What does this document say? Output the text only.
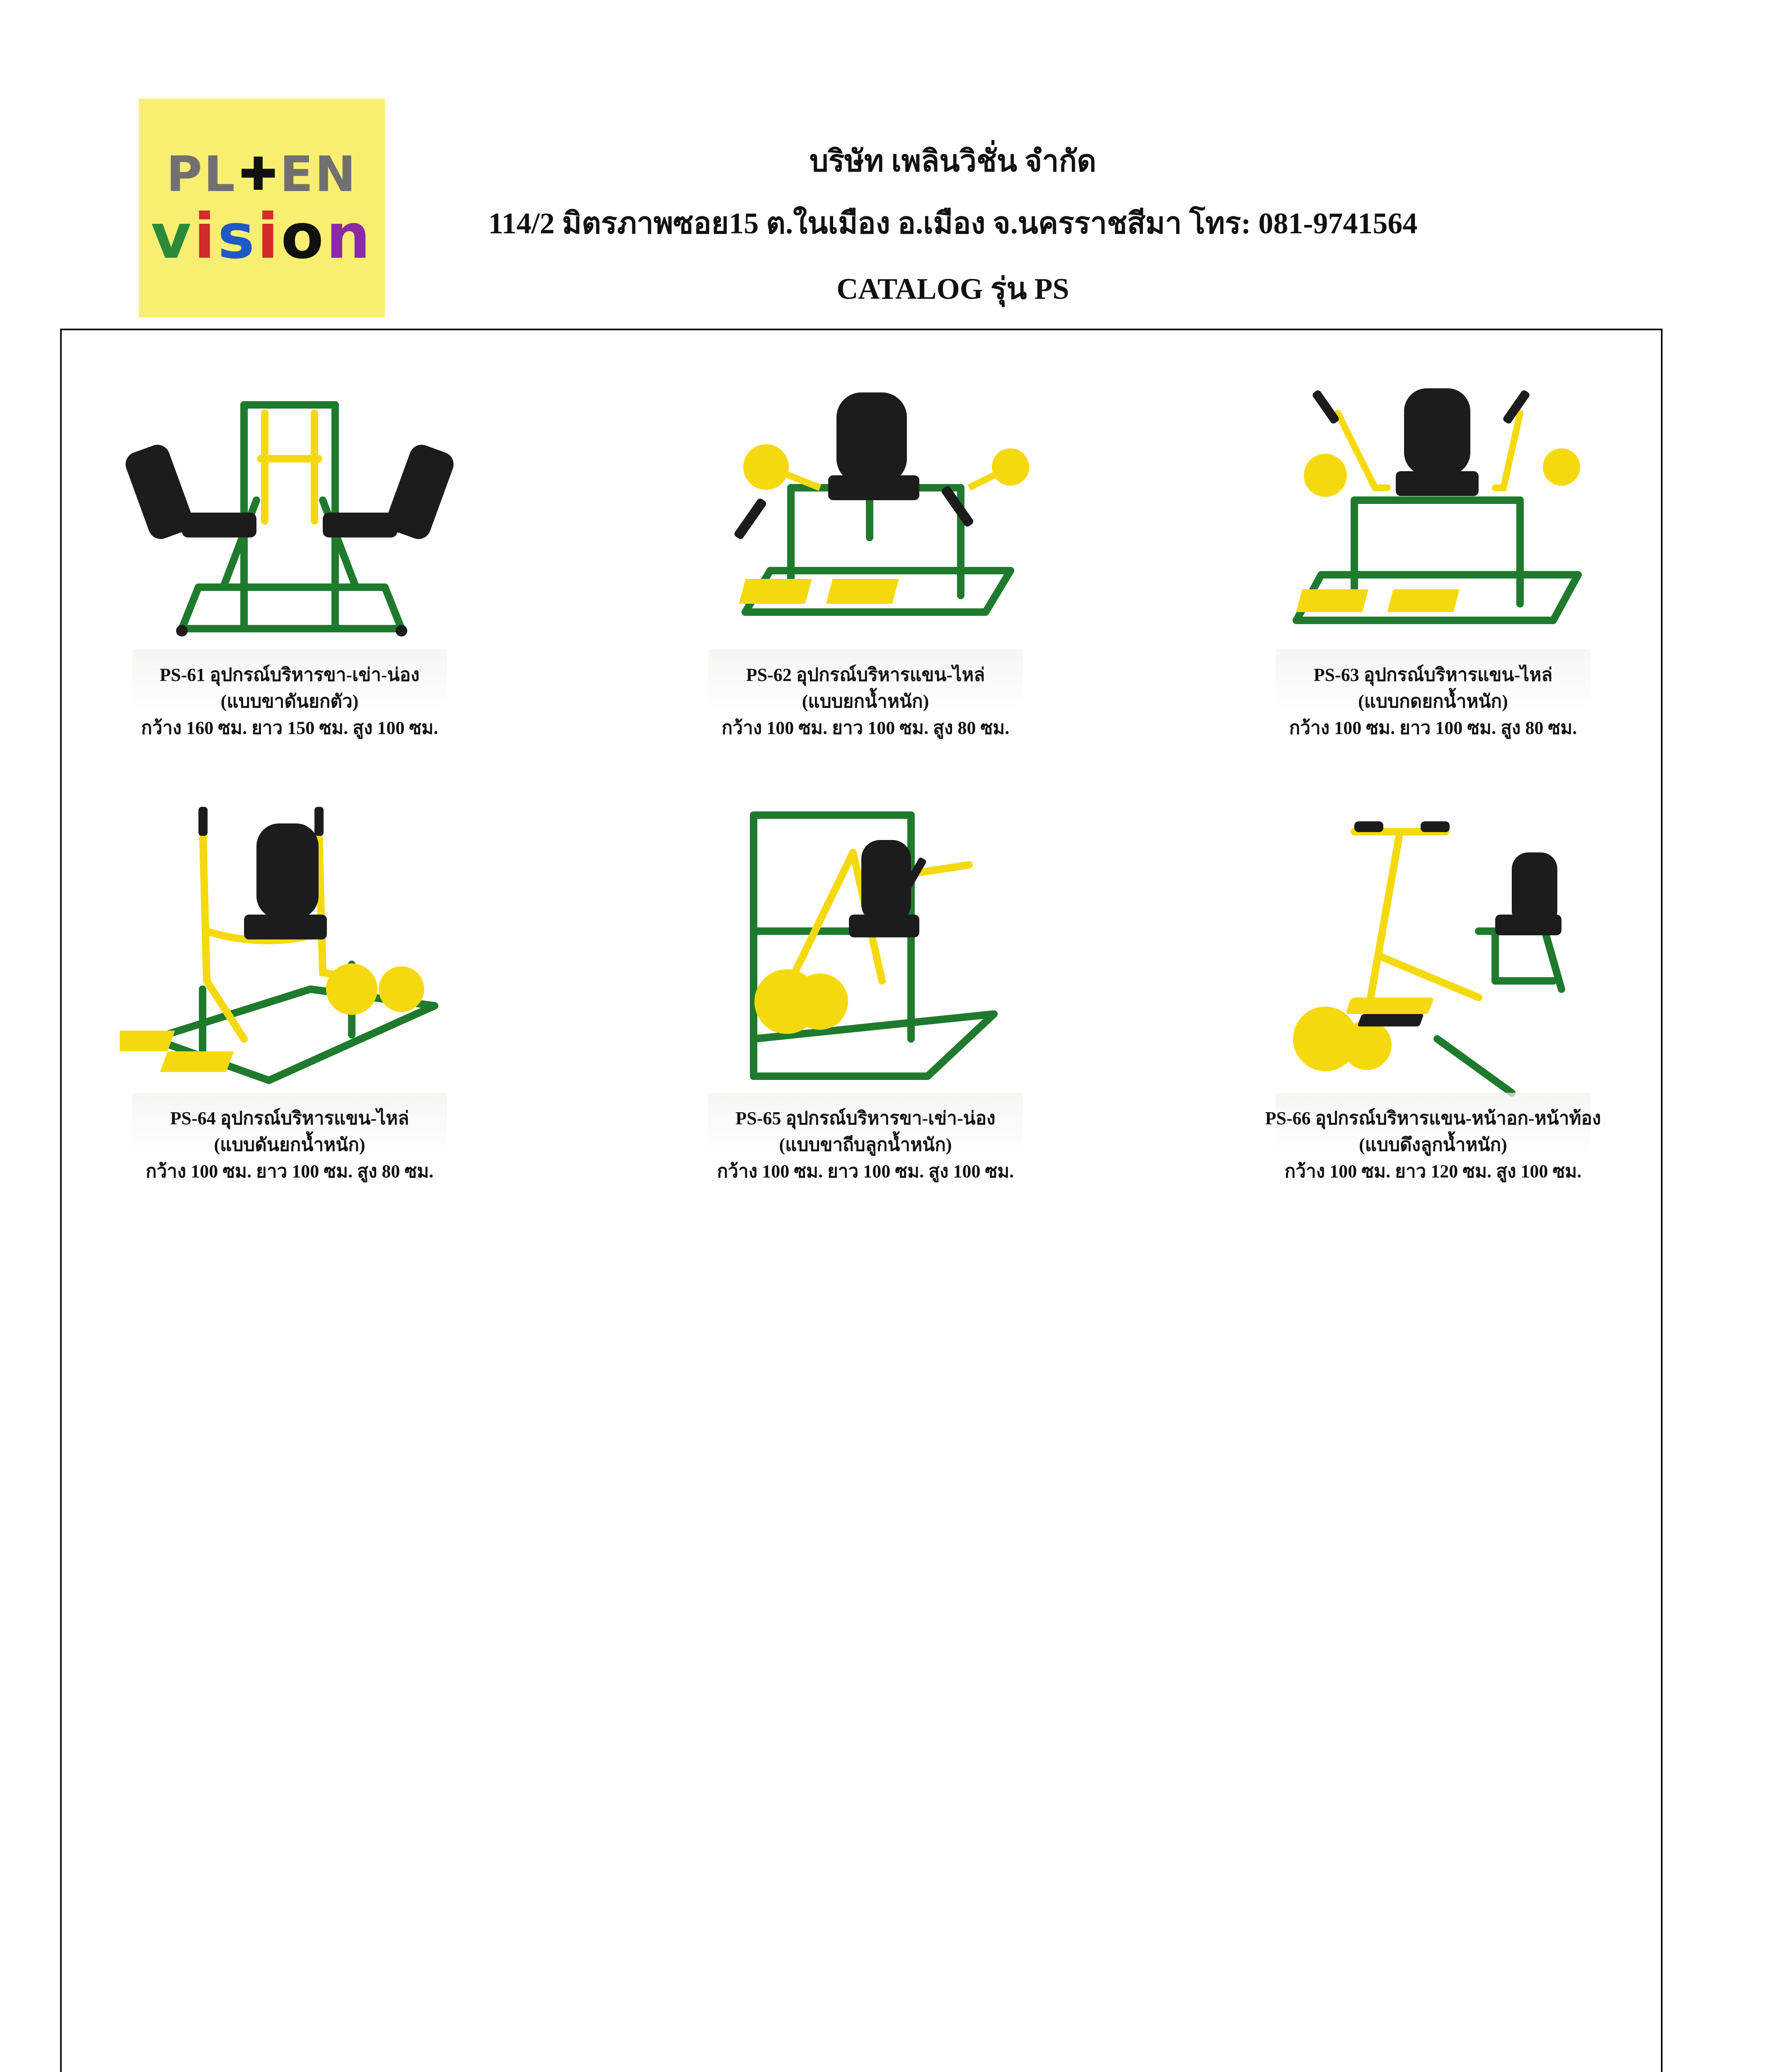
PL ✚ EN
vision
บริษัท เพลินวิชั่น จำกัด
114/2 มิตรภาพซอย15 ต.ในเมือง อ.เมือง จ.นครราชสีมา โทร: 081-9741564
CATALOG รุ่น PS
PS-61 อุปกรณ์บริหารขา-เข่า-น่อง
(แบบขาดันยกตัว)
กว้าง 160 ซม. ยาว 150 ซม. สูง 100 ซม.
PS-62 อุปกรณ์บริหารแขน-ไหล่
(แบบยกน้ำหนัก)
กว้าง 100 ซม. ยาว 100 ซม. สูง 80 ซม.
PS-63 อุปกรณ์บริหารแขน-ไหล่
(แบบกดยกน้ำหนัก)
กว้าง 100 ซม. ยาว 100 ซม. สูง 80 ซม.
PS-64 อุปกรณ์บริหารแขน-ไหล่
(แบบดันยกน้ำหนัก)
กว้าง 100 ซม. ยาว 100 ซม. สูง 80 ซม.
PS-65 อุปกรณ์บริหารขา-เข่า-น่อง
(แบบขาถีบลูกน้ำหนัก)
กว้าง 100 ซม. ยาว 100 ซม. สูง 100 ซม.
PS-66 อุปกรณ์บริหารแขน-หน้าอก-หน้าท้อง
(แบบดึงลูกน้ำหนัก)
กว้าง 100 ซม. ยาว 120 ซม. สูง 100 ซม.
